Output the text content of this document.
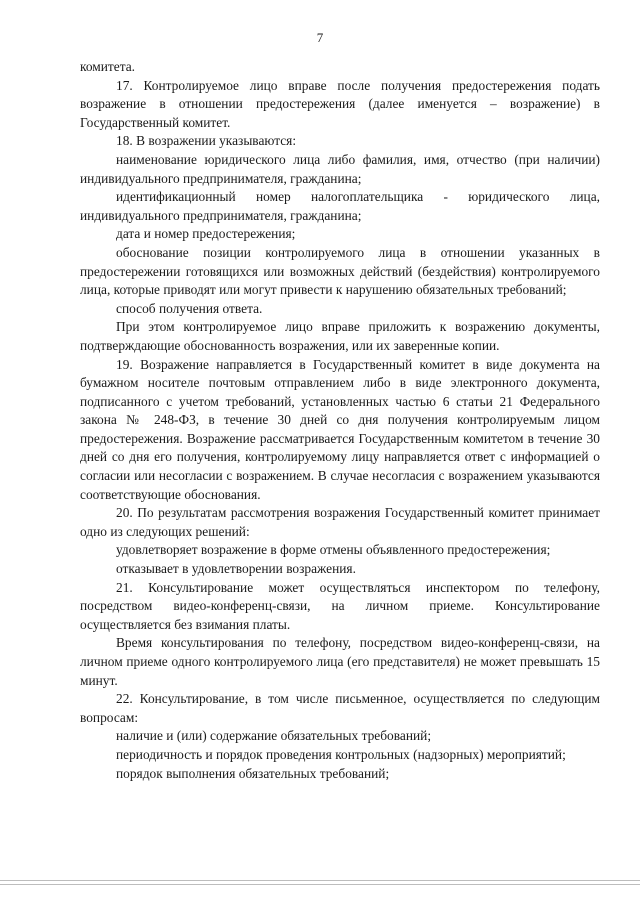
7

комитета.

17. Контролируемое лицо вправе после получения предостережения подать возражение в отношении предостережения (далее именуется – возражение) в Государственный комитет.

18. В возражении указываются:

наименование юридического лица либо фамилия, имя, отчество (при наличии) индивидуального предпринимателя, гражданина;

идентификационный номер налогоплательщика - юридического лица, индивидуального предпринимателя, гражданина;

дата и номер предостережения;

обоснование позиции контролируемого лица в отношении указанных в предостережении готовящихся или возможных действий (бездействия) контролируемого лица, которые приводят или могут привести к нарушению обязательных требований;

способ получения ответа.

При этом контролируемое лицо вправе приложить к возражению документы, подтверждающие обоснованность возражения, или их заверенные копии.

19. Возражение направляется в Государственный комитет в виде документа на бумажном носителе почтовым отправлением либо в виде электронного документа, подписанного с учетом требований, установленных частью 6 статьи 21 Федерального закона № 248-ФЗ, в течение 30 дней со дня получения контролируемым лицом предостережения. Возражение рассматривается Государственным комитетом в течение 30 дней со дня его получения, контролируемому лицу направляется ответ с информацией о согласии или несогласии с возражением. В случае несогласия с возражением указываются соответствующие обоснования.

20. По результатам рассмотрения возражения Государственный комитет принимает одно из следующих решений:

удовлетворяет возражение в форме отмены объявленного предостережения;

отказывает в удовлетворении возражения.

21. Консультирование может осуществляться инспектором по телефону, посредством видео-конференц-связи, на личном приеме. Консультирование осуществляется без взимания платы.

Время консультирования по телефону, посредством видео-конференц-связи, на личном приеме одного контролируемого лица (его представителя) не может превышать 15 минут.

22. Консультирование, в том числе письменное, осуществляется по следующим вопросам:

наличие и (или) содержание обязательных требований;

периодичность и порядок проведения контрольных (надзорных) мероприятий;

порядок выполнения обязательных требований;
